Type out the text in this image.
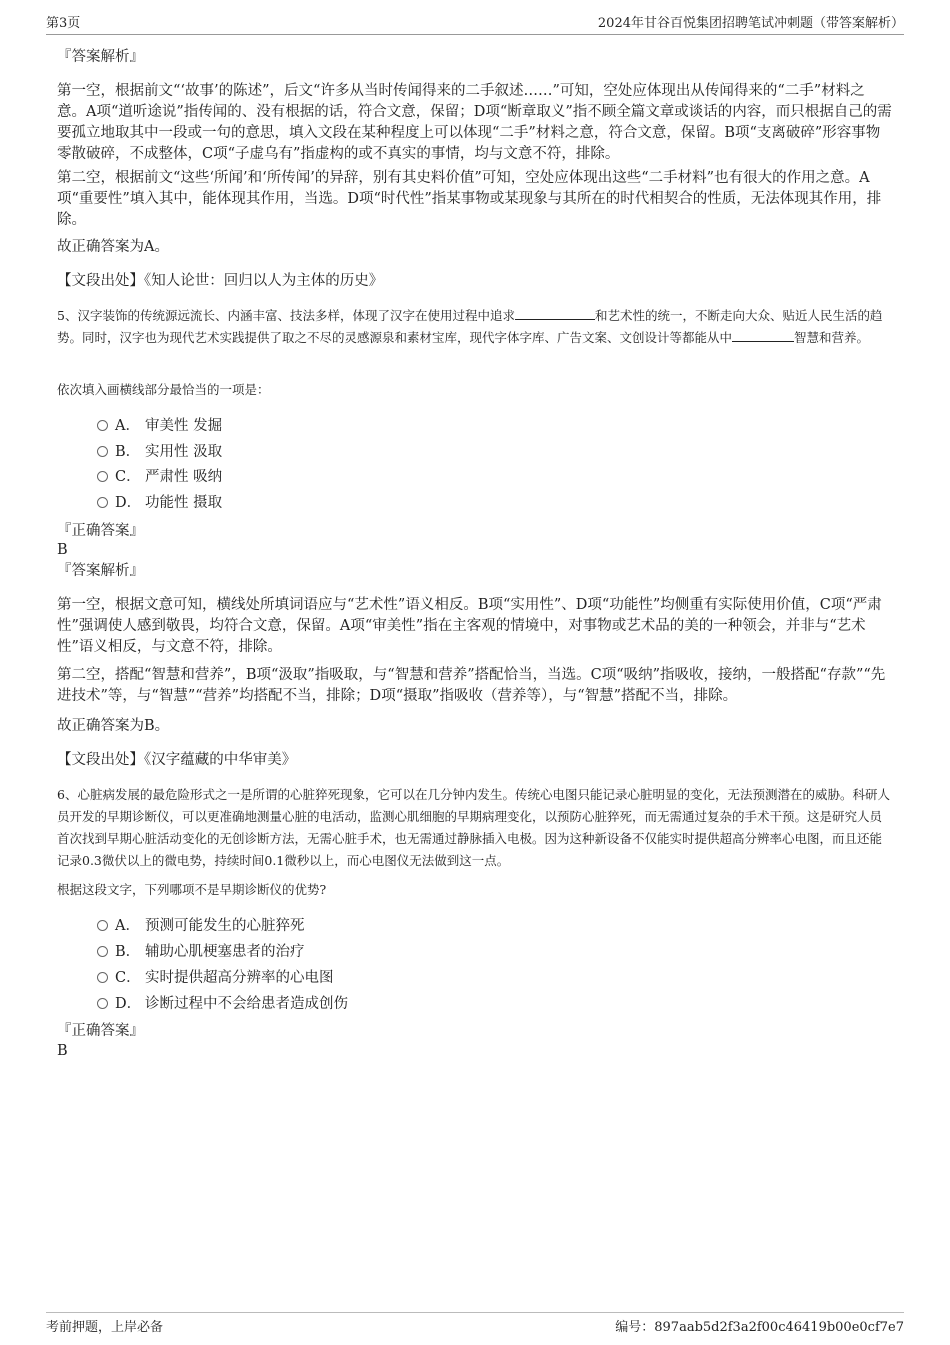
第3页	2024年甘谷百悦集团招聘笔试冲刺题（带答案解析）
『答案解析』
第一空，根据前文“‘故事’的陈述”，后文“许多从当时传闻得来的二手叙述……”可知，空处应体现出从传闻得来的“二手”材料之意。A项“道听途说”指传闻的、没有根据的话，符合文意，保留；D项“断章取义”指不顾全篇文章或谈话的内容，而只根据自己的需要孤立地取其中一段或一句的意思，填入文段在某种程度上可以体现“二手”材料之意，符合文意，保留。B项“支离破碎”形容事物零散破碎，不成整体，C项“子虚乌有”指虚构的或不真实的事情，均与文意不符，排除。
第二空，根据前文“这些‘所闻’和‘所传闻’的异辞，别有其史料价值”可知，空处应体现出这些“二手材料”也有很大的作用之意。A项“重要性”填入其中，能体现其作用，当选。D项“时代性”指某事物或某现象与其所在的时代相契合的性质，无法体现其作用，排除。
故正确答案为A。
【文段出处】《知人论世：回归以人为主体的历史》
5、汉字装饰的传统源远流长、内涵丰富、技法多样，体现了汉字在使用过程中追求	和艺术性的统一，不断走向大众、贴近人民生活的趋势。同时，汉字也为现代艺术实践提供了取之不尽的灵感源泉和素材宝库，现代字体字库、广告文案、文创设计等都能从中	智慧和营养。
依次填入画横线部分最恰当的一项是：
A． 审美性 发掘
B． 实用性 汲取
C． 严肃性 吸纳
D． 功能性 摄取
『正确答案』
B
『答案解析』
第一空，根据文意可知，横线处所填词语应与“艺术性”语义相反。B项“实用性”、D项“功能性”均侧重有实际使用价值，C项“严肃性”强调使人感到敬畏，均符合文意，保留。A项“审美性”指在主客观的情境中，对事物或艺术品的美的一种领会，并非与“艺术性”语义相反，与文意不符，排除。
第二空，搭配“智慧和营养”，B项“汲取”指吸取，与“智慧和营养”搭配恰当，当选。C项“吸纳”指吸收，接纳，一般搭配“存款”“先进技术”等，与“智慧”“营养”均搭配不当，排除；D项“摄取”指吸收（营养等），与“智慧”搭配不当，排除。
故正确答案为B。
【文段出处】《汉字蕴藏的中华审美》
6、心脏病发展的最危险形式之一是所谓的心脏猝死现象，它可以在几分钟内发生。传统心电图只能记录心脏明显的变化，无法预测潜在的威胁。科研人员开发的早期诊断仪，可以更准确地测量心脏的电活动，监测心肌细胞的早期病理变化，以预防心脏猝死，而无需通过复杂的手术干预。这是研究人员首次找到早期心脏活动变化的无创诊断方法，无需心脏手术，也无需通过静脉插入电极。因为这种新设备不仅能实时提供超高分辨率心电图，而且还能记录0.3微伏以上的微电势，持续时间0.1微秒以上，而心电图仪无法做到这一点。
根据这段文字，下列哪项不是早期诊断仪的优势?
A． 预测可能发生的心脏猝死
B． 辅助心肌梗塞患者的治疗
C． 实时提供超高分辨率的心电图
D． 诊断过程中不会给患者造成创伤
『正确答案』
B
考前押题，上岸必备	编号：897aab5d2f3a2f00c46419b00e0cf7e7
